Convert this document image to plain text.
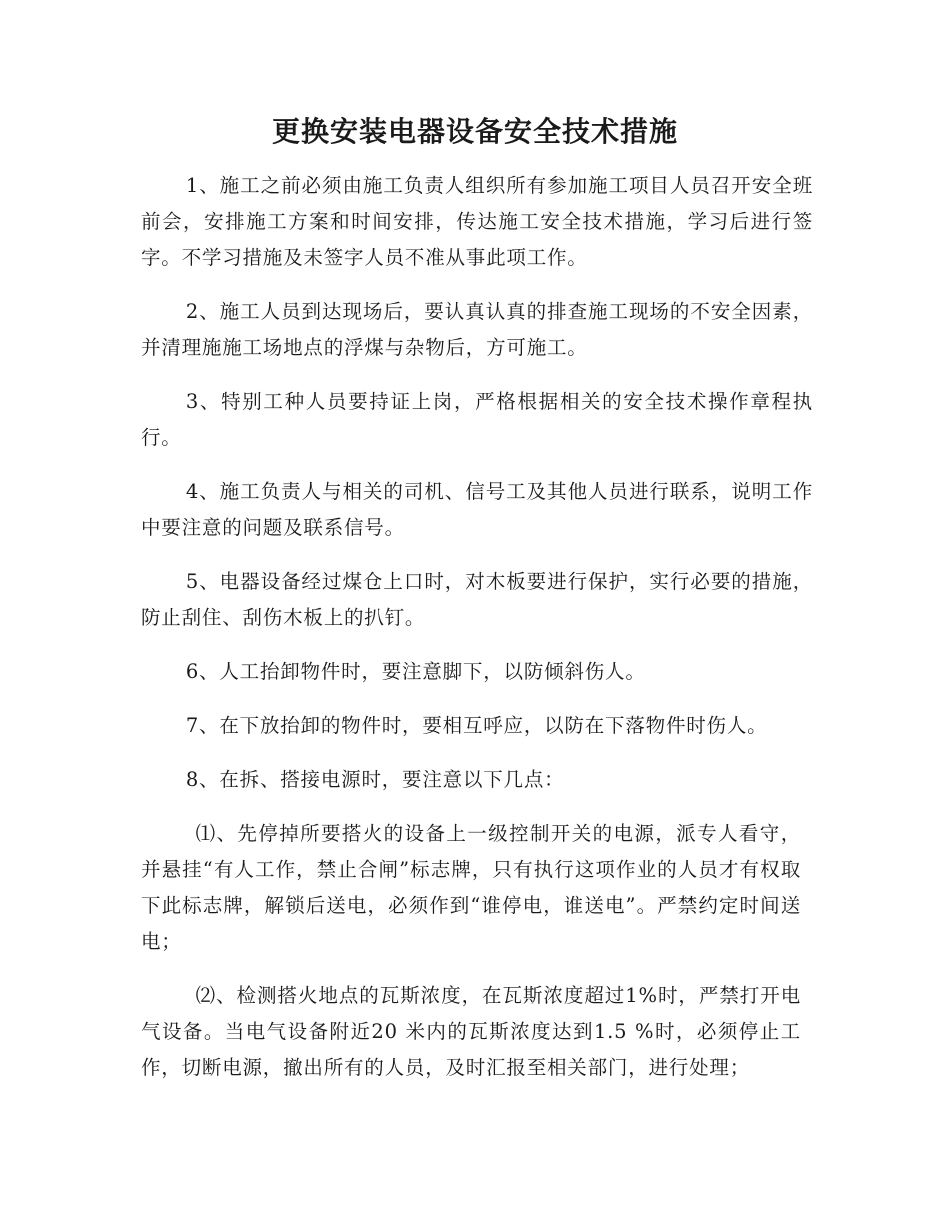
更换安装电器设备安全技术措施

1、施工之前必须由施工负责人组织所有参加施工项目人员召开安全班前会，安排施工方案和时间安排，传达施工安全技术措施，学习后进行签字。不学习措施及未签字人员不准从事此项工作。

2、施工人员到达现场后，要认真认真的排查施工现场的不安全因素，并清理施施工场地点的浮煤与杂物后，方可施工。

3、特别工种人员要持证上岗，严格根据相关的安全技术操作章程执行。

4、施工负责人与相关的司机、信号工及其他人员进行联系，说明工作中要注意的问题及联系信号。

5、电器设备经过煤仓上口时，对木板要进行保护，实行必要的措施，防止刮住、刮伤木板上的扒钉。

6、人工抬卸物件时，要注意脚下，以防倾斜伤人。

7、在下放抬卸的物件时，要相互呼应，以防在下落物件时伤人。

8、在拆、搭接电源时，要注意以下几点：

⑴、先停掉所要搭火的设备上一级控制开关的电源，派专人看守，并悬挂“有人工作，禁止合闸”标志牌，只有执行这项作业的人员才有权取下此标志牌，解锁后送电，必须作到“谁停电，谁送电”。严禁约定时间送电；

⑵、检测搭火地点的瓦斯浓度，在瓦斯浓度超过1%时，严禁打开电气设备。当电气设备附近20 米内的瓦斯浓度达到1.5 %时，必须停止工作，切断电源，撤出所有的人员，及时汇报至相关部门，进行处理；
